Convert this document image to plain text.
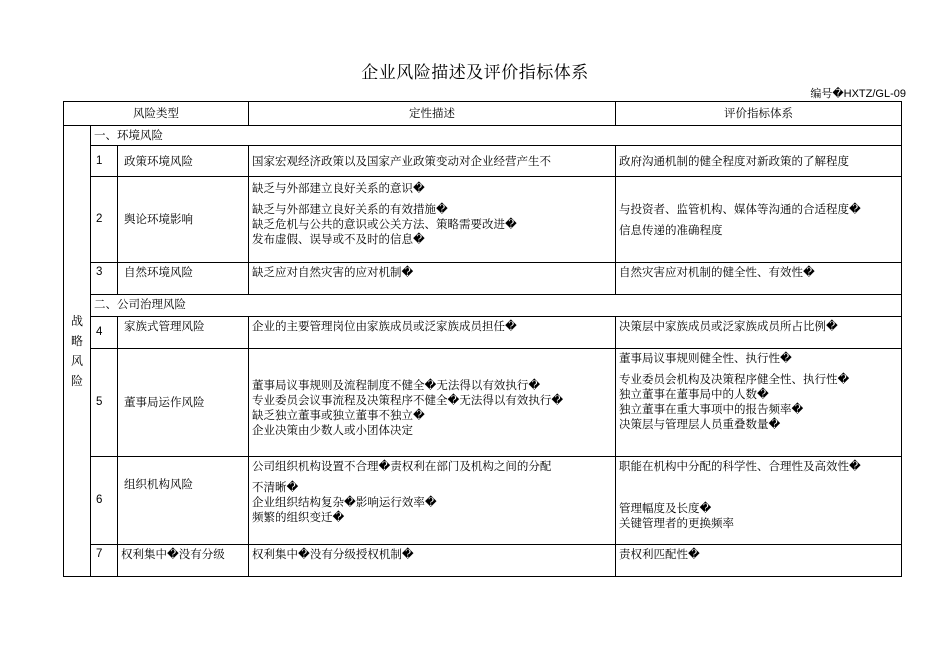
企业风险描述及评价指标体系
编号�HXTZ/GL-09
风险类型			定性描述	评价指标体系
战略风险	一、环境风险			
	1	政策环境风险	国家宏观经济政策以及国家产业政策变动对企业经营产生不	政府沟通机制的健全程度对新政策的了解程度

	2	舆论环境影响	缺乏与外部建立良好关系的意识�
缺乏与外部建立良好关系的有效措施�
缺乏危机与公共的意识或公关方法、策略需要改进�
发布虚假、误导或不及时的信息�	与投资者、监管机构、媒体等沟通的合适程度�
信息传递的准确程度

	3	自然环境风险	缺乏应对自然灾害的应对机制�	自然灾害应对机制的健全性、有效性�

	二、公司治理风险			
	4	家族式管理风险	企业的主要管理岗位由家族成员或泛家族成员担任�	决策层中家族成员或泛家族成员所占比例�

	5	董事局运作风险	董事局议事规则及流程制度不健全�无法得以有效执行�
专业委员会议事流程及决策程序不健全�无法得以有效执行�
缺乏独立董事或独立董事不独立�
企业决策由少数人或小团体决定	董事局议事规则健全性、执行性�
专业委员会机构及决策程序健全性、执行性�
独立董事在董事局中的人数�
独立董事在重大事项中的报告频率�
决策层与管理层人员重叠数量�

	6	组织机构风险	公司组织机构设置不合理�责权利在部门及机构之间的分配
不清晰�
企业组织结构复杂�影响运行效率�
频繁的组织变迁�	职能在机构中分配的科学性、合理性及高效性�
管理幅度及长度�
关键管理者的更换频率

	7	权利集中�没有分级	权利集中�没有分级授权机制�	责权利匹配性�
